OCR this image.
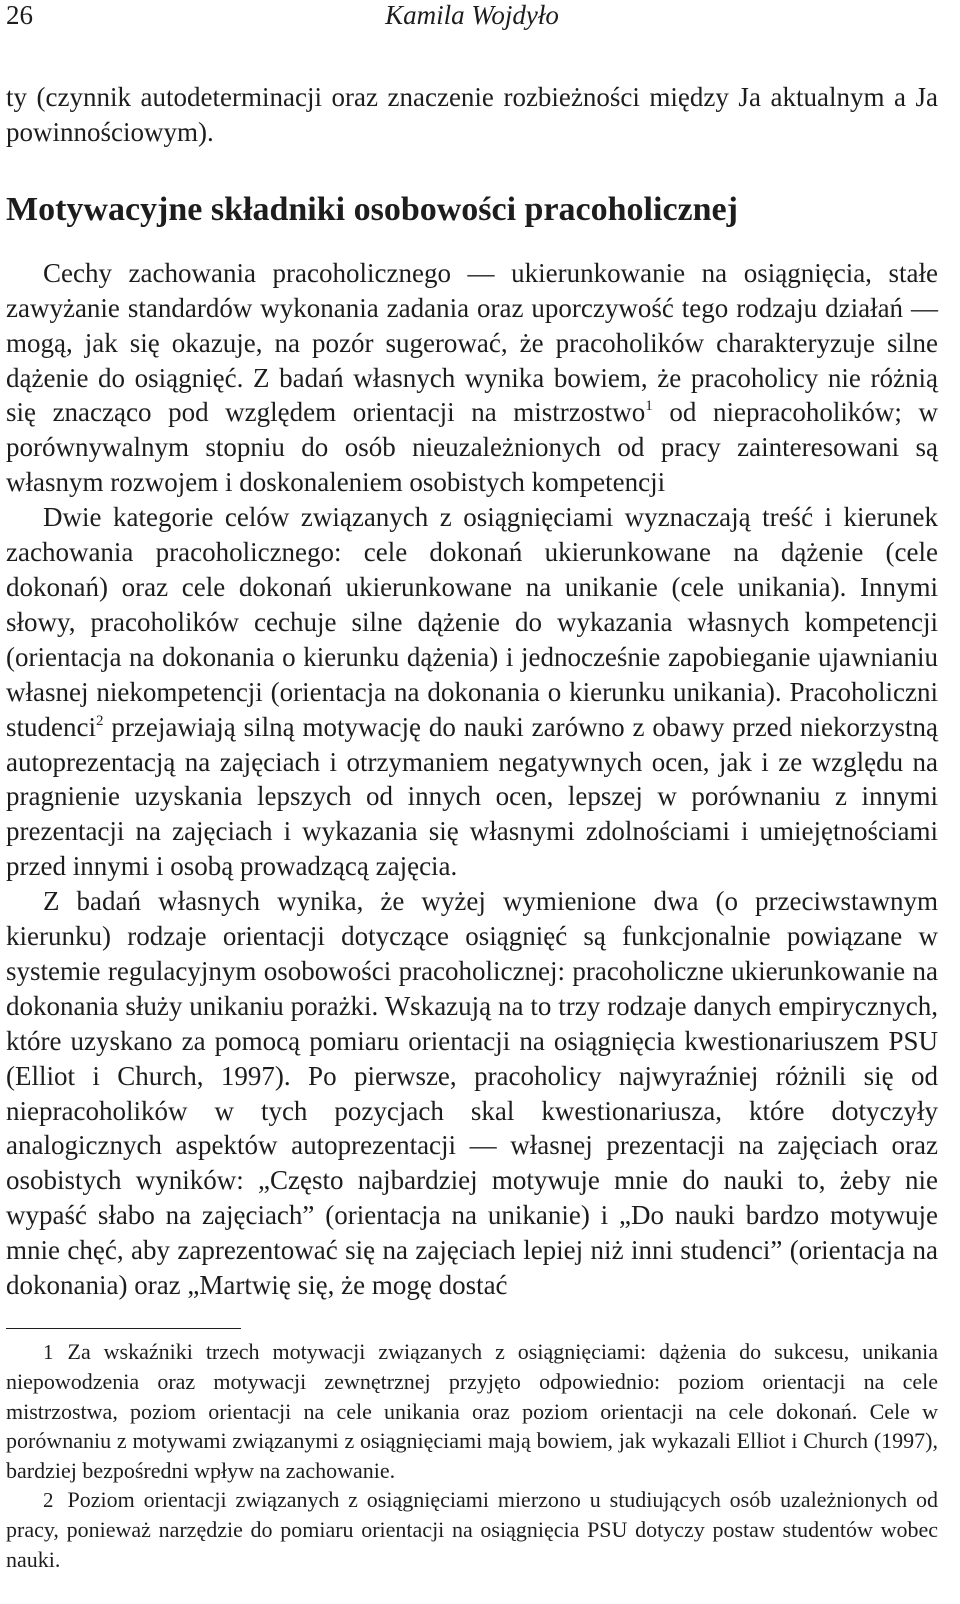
26	Kamila Wojdyło

ty (czynnik autodeterminacji oraz znaczenie rozbieżności między Ja aktualnym a Ja powinnościowym).

Motywacyjne składniki osobowości pracoholicznej

Cechy zachowania pracoholicznego — ukierunkowanie na osiągnięcia, stałe zawyżanie standardów wykonania zadania oraz uporczywość tego rodzaju działań — mogą, jak się okazuje, na pozór sugerować, że pracoholików charakteryzuje silne dążenie do osiągnięć. Z badań własnych wynika bowiem, że pracoholicy nie różnią się znacząco pod względem orientacji na mistrzostwo$^1$ od niepracoholików; w porównywalnym stopniu do osób nieuzależnionych od pracy zainteresowani są własnym rozwojem i doskonaleniem osobistych kompetencji

Dwie kategorie celów związanych z osiągnięciami wyznaczają treść i kierunek zachowania pracoholicznego: cele dokonań ukierunkowane na dążenie (cele dokonań) oraz cele dokonań ukierunkowane na unikanie (cele unikania). Innymi słowy, pracoholików cechuje silne dążenie do wykazania własnych kompetencji (orientacja na dokonania o kierunku dążenia) i jednocześnie zapobieganie ujawnianiu własnej niekompetencji (orientacja na dokonania o kierunku unikania). Pracoholiczni studenci$^2$ przejawiają silną motywację do nauki zarówno z obawy przed niekorzystną autoprezentacją na zajęciach i otrzymaniem negatywnych ocen, jak i ze względu na pragnienie uzyskania lepszych od innych ocen, lepszej w porównaniu z innymi prezentacji na zajęciach i wykazania się własnymi zdolnościami i umiejętnościami przed innymi i osobą prowadzącą zajęcia.

Z badań własnych wynika, że wyżej wymienione dwa (o przeciwstawnym kierunku) rodzaje orientacji dotyczące osiągnięć są funkcjonalnie powiązane w systemie regulacyjnym osobowości pracoholicznej: pracoholiczne ukierunkowanie na dokonania służy unikaniu porażki. Wskazują na to trzy rodzaje danych empirycznych, które uzyskano za pomocą pomiaru orientacji na osiągnięcia kwestionariuszem PSU (Elliot i Church, 1997). Po pierwsze, pracoholicy najwyraźniej różnili się od niepracoholików w tych pozycjach skal kwestionariusza, które dotyczyły analogicznych aspektów autoprezentacji — własnej prezentacji na zajęciach oraz osobistych wyników: „Często najbardziej motywuje mnie do nauki to, żeby nie wypaść słabo na zajęciach” (orientacja na unikanie) i „Do nauki bardzo motywuje mnie chęć, aby zaprezentować się na zajęciach lepiej niż inni studenci” (orientacja na dokonania) oraz „Martwię się, że mogę dostać

1 Za wskaźniki trzech motywacji związanych z osiągnięciami: dążenia do sukcesu, unikania niepowodzenia oraz motywacji zewnętrznej przyjęto odpowiednio: poziom orientacji na cele mistrzostwa, poziom orientacji na cele unikania oraz poziom orientacji na cele dokonań. Cele w porównaniu z motywami związanymi z osiągnięciami mają bowiem, jak wykazali Elliot i Church (1997), bardziej bezpośredni wpływ na zachowanie.

2 Poziom orientacji związanych z osiągnięciami mierzono u studiujących osób uzależnionych od pracy, ponieważ narzędzie do pomiaru orientacji na osiągnięcia PSU dotyczy postaw studentów wobec nauki.
